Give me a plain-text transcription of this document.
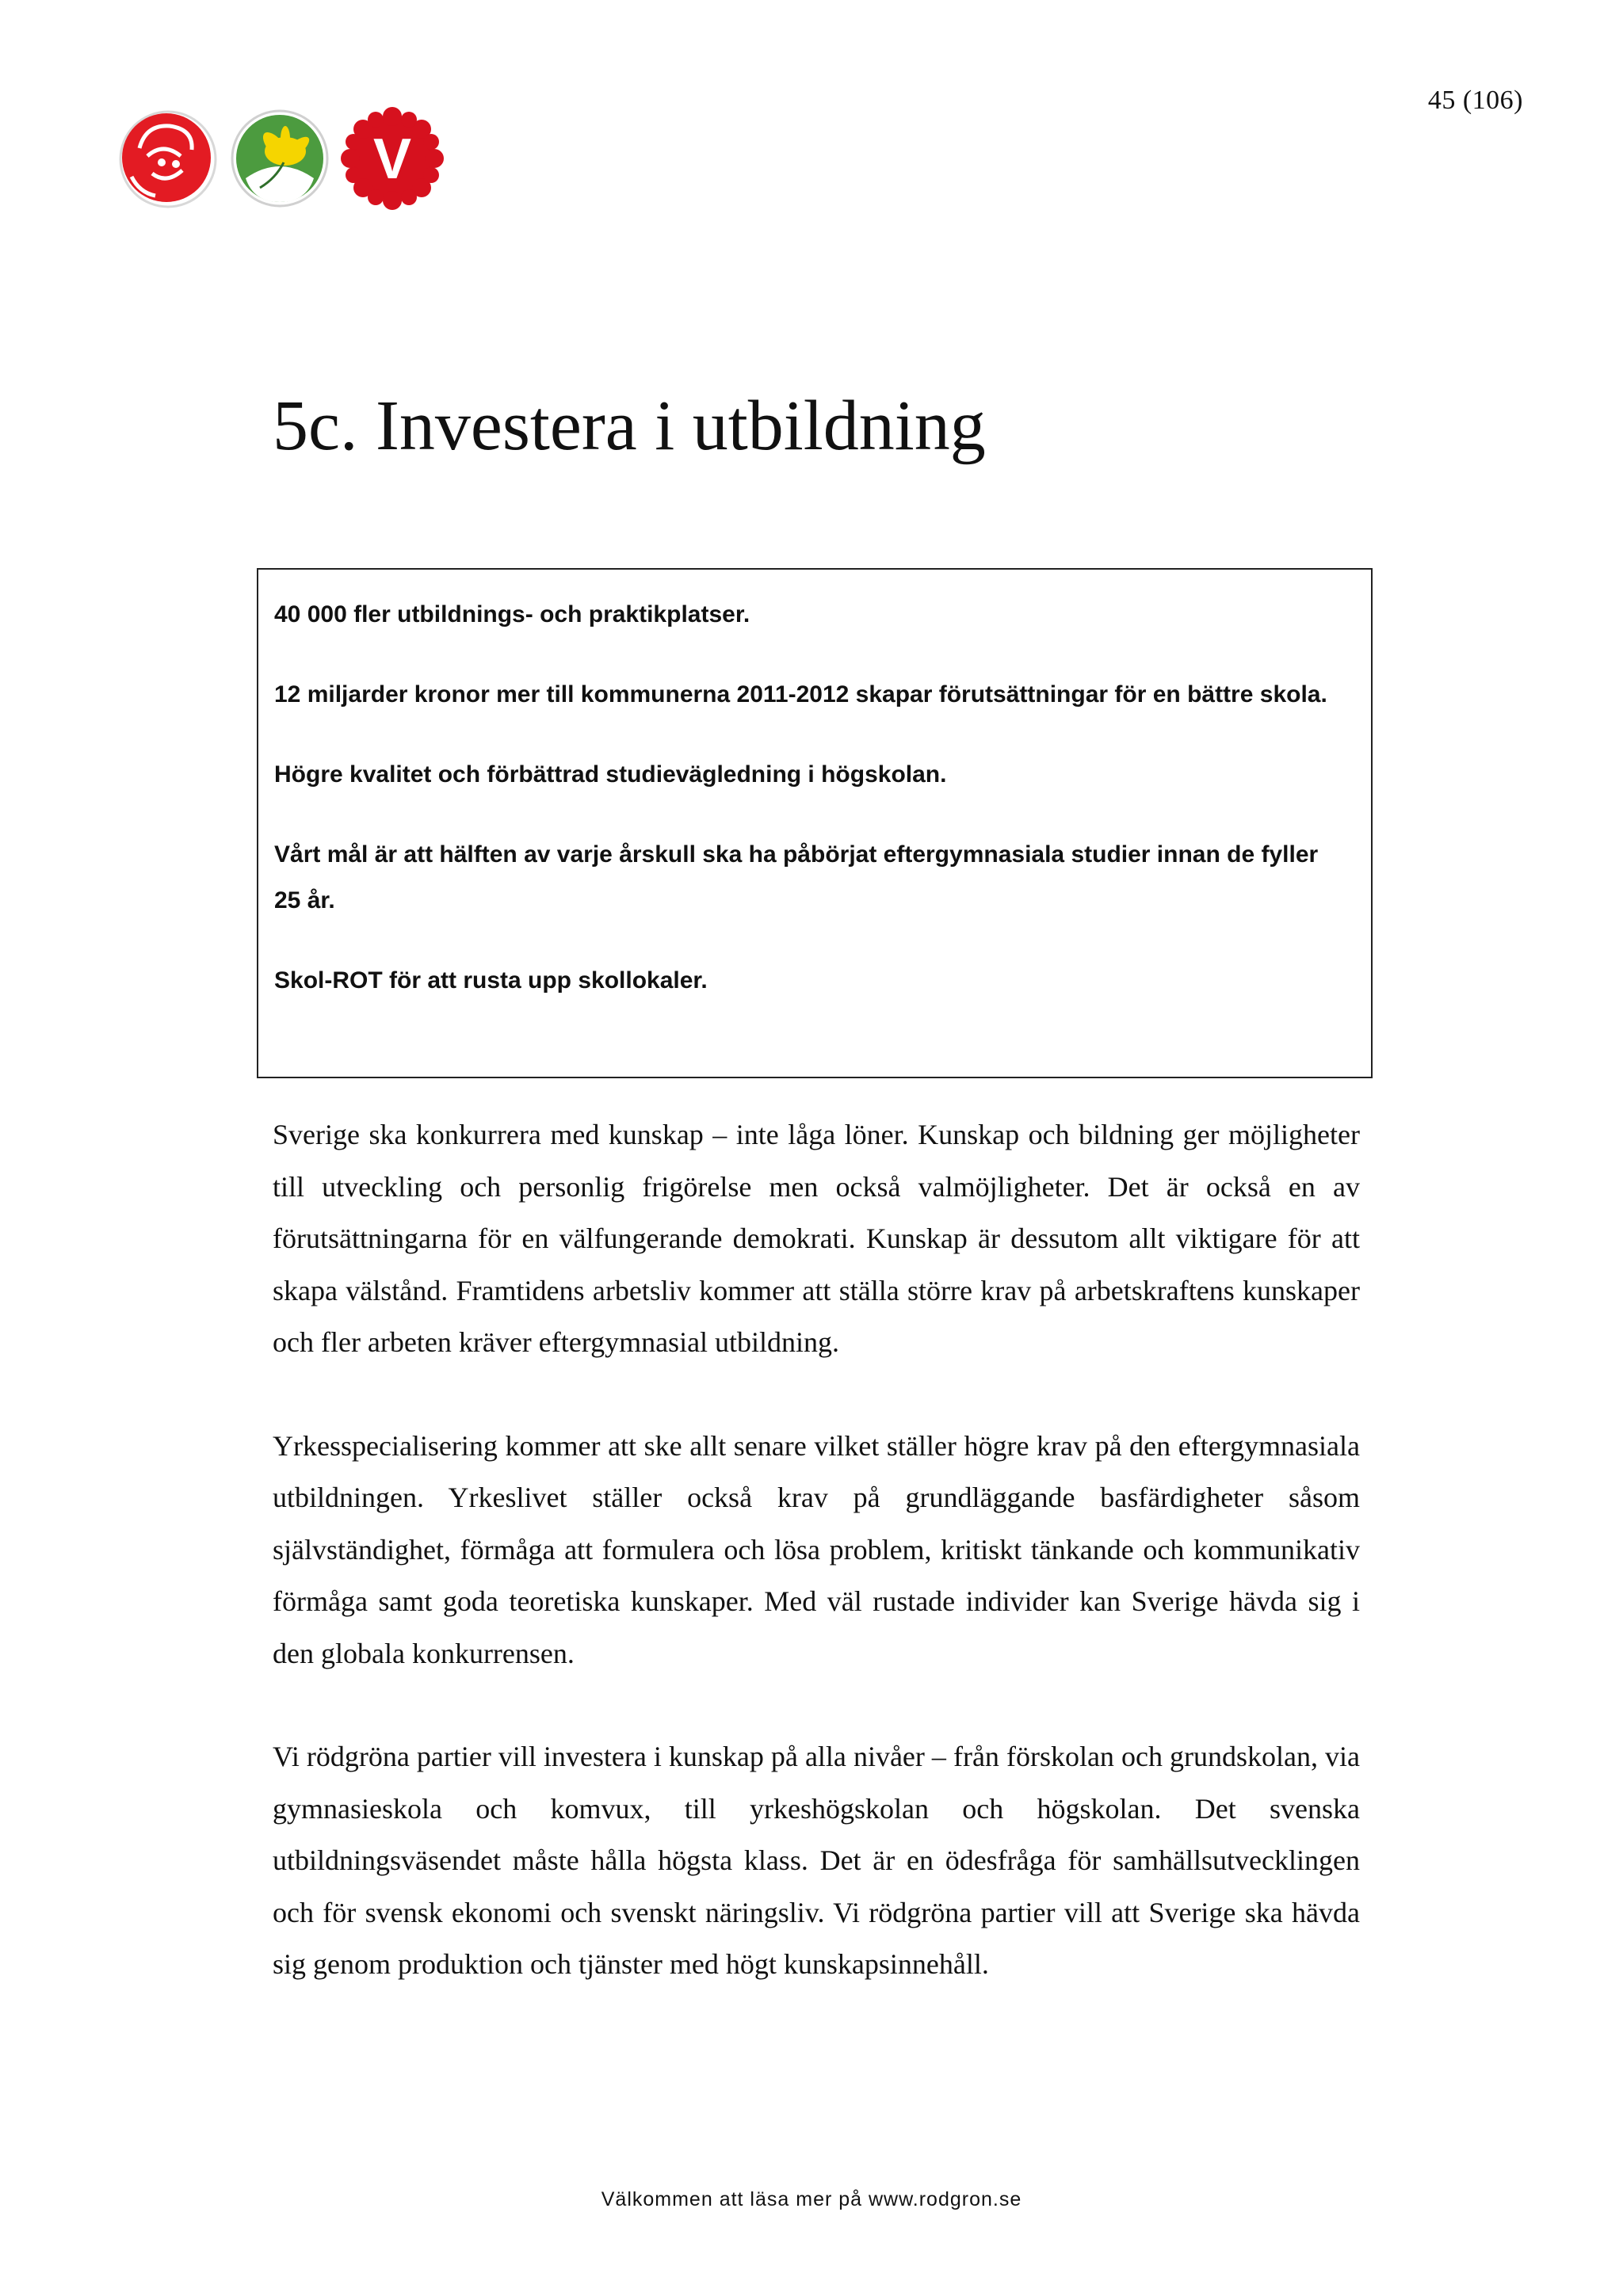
V
45 (106)
5c. Investera i utbildning

40 000 fler utbildnings- och praktikplatser.

12 miljarder kronor mer till kommunerna 2011-2012 skapar förutsättningar för en bättre skola.

Högre kvalitet och förbättrad studievägledning i högskolan.

Vårt mål är att hälften av varje årskull ska ha påbörjat eftergymnasiala studier innan de fyller 25 år.

Skol-ROT för att rusta upp skollokaler.

Sverige ska konkurrera med kunskap – inte låga löner. Kunskap och bildning ger möjligheter till utveckling och personlig frigörelse men också valmöjligheter. Det är också en av förutsättningarna för en välfungerande demokrati. Kunskap är dessutom allt viktigare för att skapa välstånd. Framtidens arbetsliv kommer att ställa större krav på arbetskraftens kunskaper och fler arbeten kräver eftergymnasial utbildning.

Yrkesspecialisering kommer att ske allt senare vilket ställer högre krav på den eftergymnasiala utbildningen. Yrkeslivet ställer också krav på grundläggande basfärdigheter såsom självständighet, förmåga att formulera och lösa problem, kritiskt tänkande och kommunikativ förmåga samt goda teoretiska kunskaper. Med väl rustade individer kan Sverige hävda sig i den globala konkurrensen.

Vi rödgröna partier vill investera i kunskap på alla nivåer – från förskolan och grundskolan, via gymnasieskola och komvux, till yrkeshögskolan och högskolan. Det svenska utbildningsväsendet måste hålla högsta klass. Det är en ödesfråga för samhällsutvecklingen och för svensk ekonomi och svenskt näringsliv. Vi rödgröna partier vill att Sverige ska hävda sig genom produktion och tjänster med högt kunskapsinnehåll.

Välkommen att läsa mer på www.rodgron.se
